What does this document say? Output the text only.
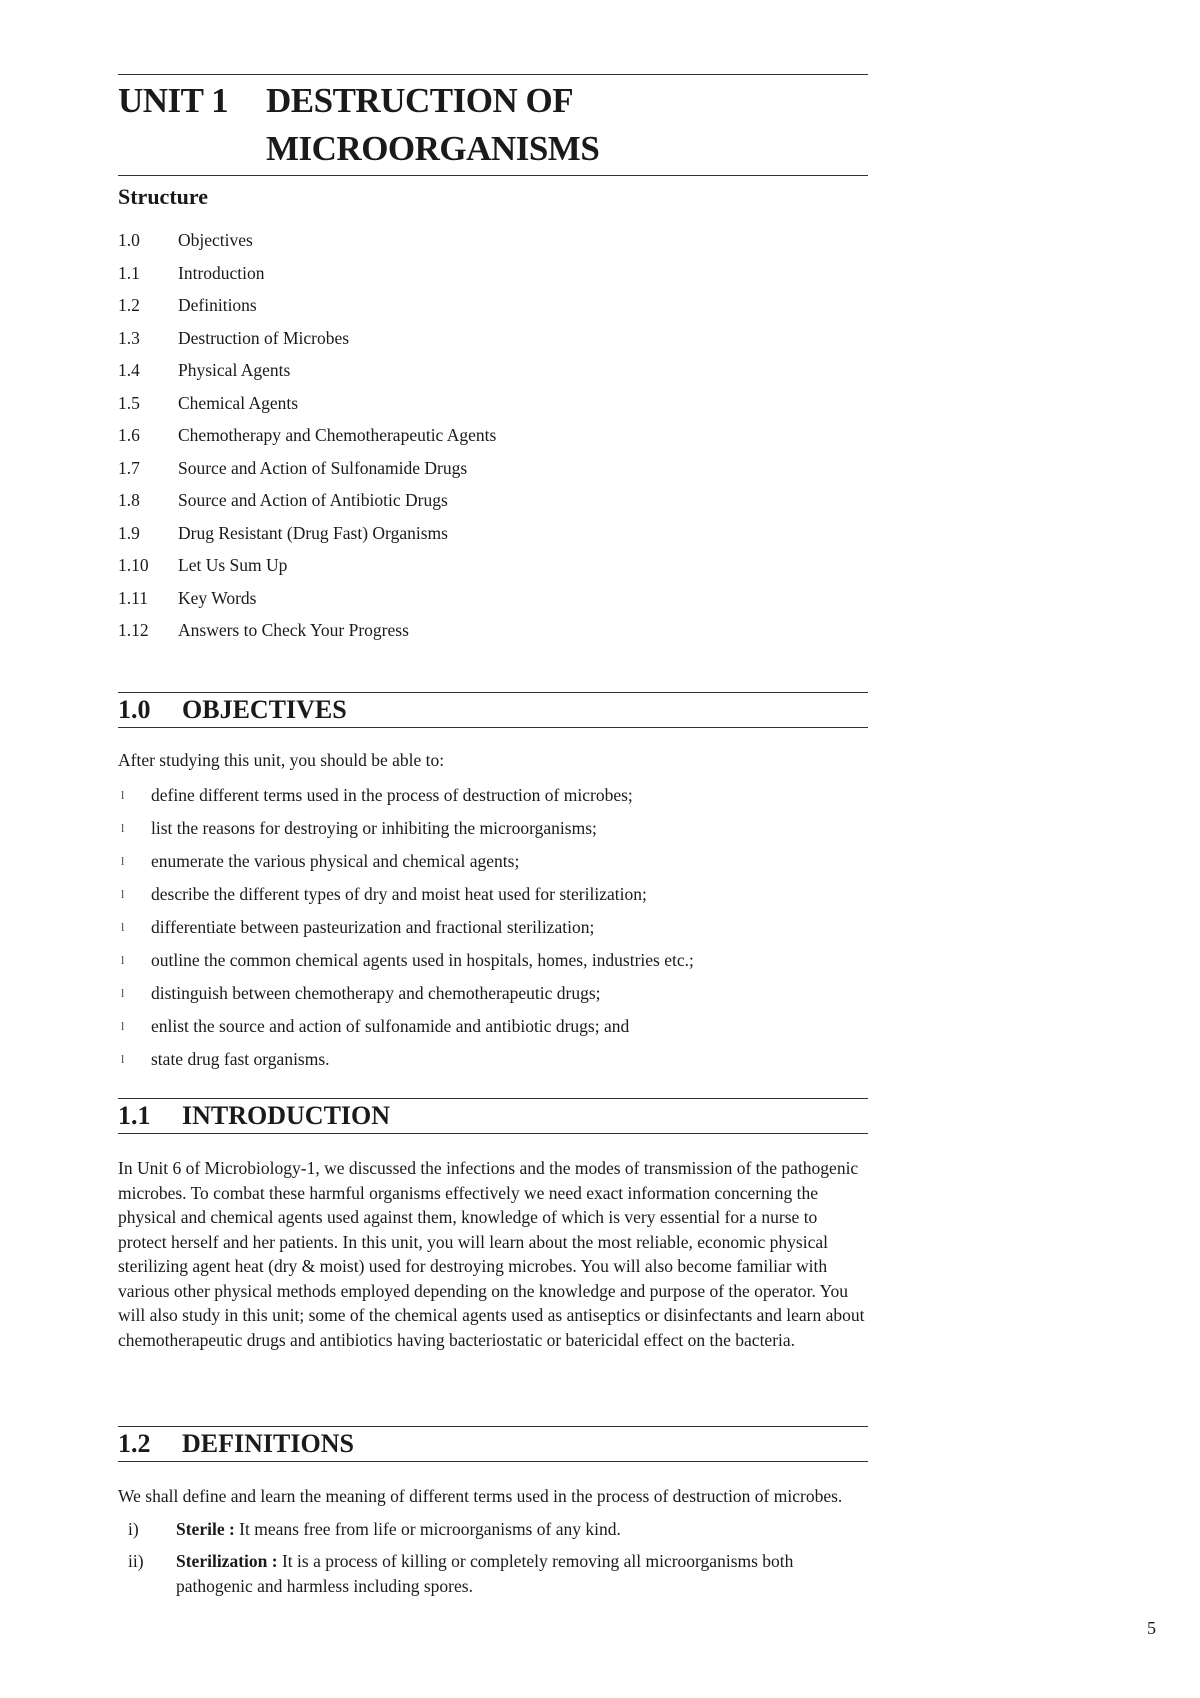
UNIT 1	DESTRUCTION OF
MICROORGANISMS
Structure
1.0	Objectives
1.1	Introduction
1.2	Definitions
1.3	Destruction of Microbes
1.4	Physical Agents
1.5	Chemical Agents
1.6	Chemotherapy and Chemotherapeutic Agents
1.7	Source and Action of Sulfonamide Drugs
1.8	Source and Action of Antibiotic Drugs
1.9	Drug Resistant (Drug Fast) Organisms
1.10	Let Us Sum Up
1.11	Key Words
1.12	Answers to Check Your Progress
1.0	OBJECTIVES

After studying this unit, you should be able to:

l	define different terms used in the process of destruction of microbes;
l	list the reasons for destroying or inhibiting the microorganisms;
l	enumerate the various physical and chemical agents;
l	describe the different types of dry and moist heat used for sterilization;
l	differentiate between pasteurization and fractional sterilization;
l	outline the common chemical agents used in hospitals, homes, industries etc.;
l	distinguish between chemotherapy and chemotherapeutic drugs;
l	enlist the source and action of sulfonamide and antibiotic drugs; and
l	state drug fast organisms.
1.1	INTRODUCTION

In Unit 6 of Microbiology-1, we discussed the infections and the modes of transmission of the pathogenic microbes. To combat these harmful organisms effectively we need exact information concerning the physical and chemical agents used against them, knowledge of which is very essential for a nurse to protect herself and her patients. In this unit, you will learn about the most reliable, economic physical sterilizing agent heat (dry & moist) used for destroying microbes. You will also become familiar with various other physical methods employed depending on the knowledge and purpose of the operator. You will also study in this unit; some of the chemical agents used as antiseptics or disinfectants and learn about chemotherapeutic drugs and antibiotics having bacteriostatic or batericidal effect on the bacteria.

1.2	DEFINITIONS

We shall define and learn the meaning of different terms used in the process of destruction of microbes.

i)	Sterile : It means free from life or microorganisms of any kind.
ii)	Sterilization : It is a process of killing or completely removing all microorganisms both pathogenic and harmless including spores.
5
